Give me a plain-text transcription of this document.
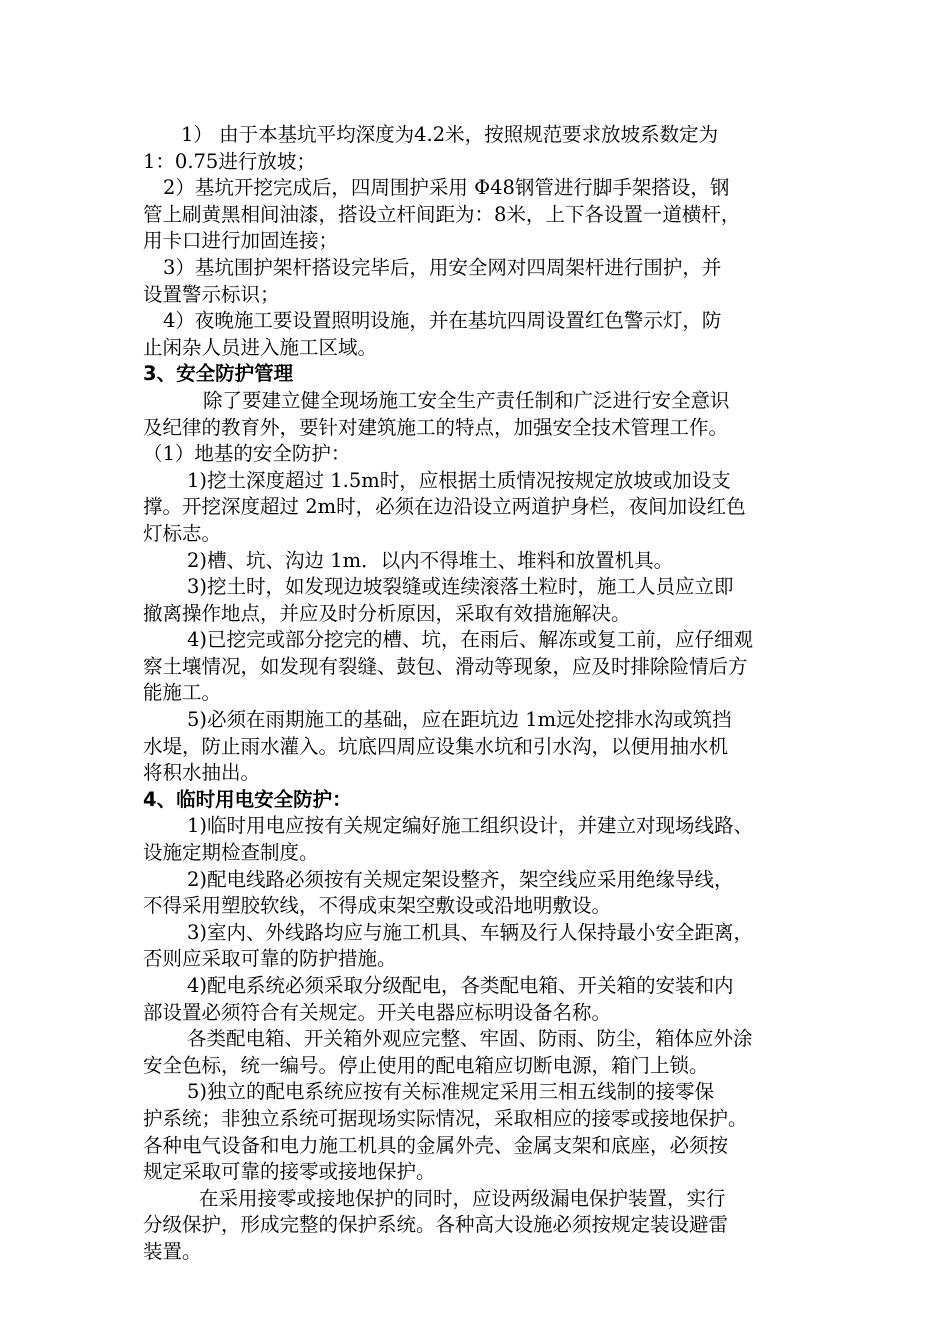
1） 由于本基坑平均深度为4.2米，按照规范要求放坡系数定为
1：0.75进行放坡；
2）基坑开挖完成后，四周围护采用 Φ48钢管进行脚手架搭设，钢
管上刷黄黑相间油漆，搭设立杆间距为：8米，上下各设置一道横杆，
用卡口进行加固连接；
3）基坑围护架杆搭设完毕后，用安全网对四周架杆进行围护，并
设置警示标识；
4）夜晚施工要设置照明设施，并在基坑四周设置红色警示灯，防
止闲杂人员进入施工区域。
3、安全防护管理
除了要建立健全现场施工安全生产责任制和广泛进行安全意识
及纪律的教育外，要针对建筑施工的特点，加强安全技术管理工作。
（1）地基的安全防护：
1)挖土深度超过 1.5m时，应根据土质情况按规定放坡或加设支
撑。开挖深度超过 2m时，必须在边沿设立两道护身栏，夜间加设红色
灯标志。
2)槽、坑、沟边 1m．以内不得堆土、堆料和放置机具。
3)挖土时，如发现边坡裂缝或连续滚落土粒时，施工人员应立即
撤离操作地点，并应及时分析原因，采取有效措施解决。
4)已挖完或部分挖完的槽、坑，在雨后、解冻或复工前，应仔细观
察土壤情况，如发现有裂缝、鼓包、滑动等现象，应及时排除险情后方
能施工。
5)必须在雨期施工的基础，应在距坑边 1m远处挖排水沟或筑挡
水堤，防止雨水灌入。坑底四周应设集水坑和引水沟，以便用抽水机
将积水抽出。
4、临时用电安全防护：
1)临时用电应按有关规定编好施工组织设计，并建立对现场线路、
设施定期检查制度。
2)配电线路必须按有关规定架设整齐，架空线应采用绝缘导线，
不得采用塑胶软线，不得成束架空敷设或沿地明敷设。
3)室内、外线路均应与施工机具、车辆及行人保持最小安全距离，
否则应采取可靠的防护措施。
4)配电系统必须采取分级配电，各类配电箱、开关箱的安装和内
部设置必须符合有关规定。开关电器应标明设备名称。
各类配电箱、开关箱外观应完整、牢固、防雨、防尘，箱体应外涂
安全色标，统一编号。停止使用的配电箱应切断电源，箱门上锁。
5)独立的配电系统应按有关标准规定采用三相五线制的接零保
护系统；非独立系统可据现场实际情况，采取相应的接零或接地保护。
各种电气设备和电力施工机具的金属外壳、金属支架和底座，必须按
规定采取可靠的接零或接地保护。
在采用接零或接地保护的同时，应设两级漏电保护装置，实行
分级保护，形成完整的保护系统。各种高大设施必须按规定装设避雷
装置。
